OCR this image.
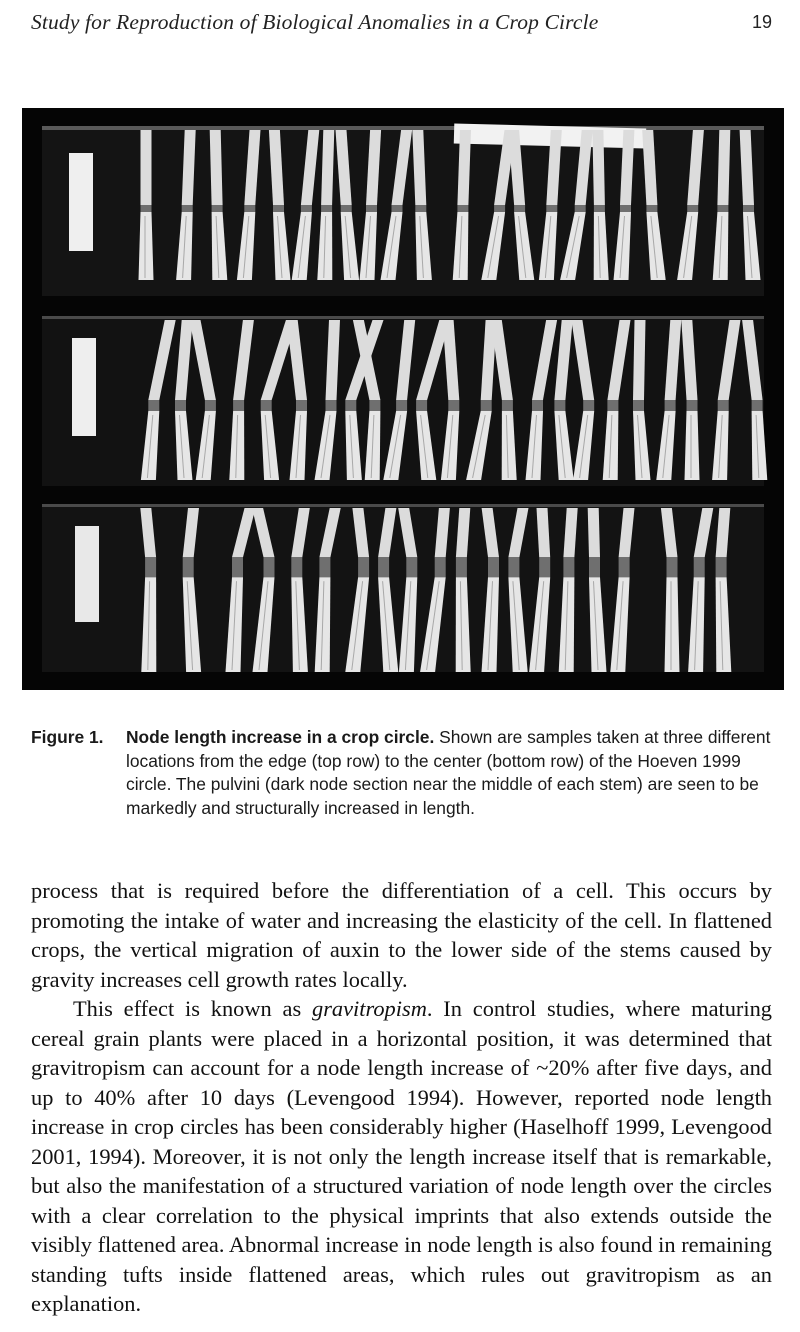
Study for Reproduction of Biological Anomalies in a Crop Circle	19
Figure 1. Node length increase in a crop circle. Shown are samples taken at three different locations from the edge (top row) to the center (bottom row) of the Hoeven 1999 circle. The pulvini (dark node section near the middle of each stem) are seen to be markedly and structurally increased in length.

process that is required before the differentiation of a cell. This occurs by promoting the intake of water and increasing the elasticity of the cell. In flattened crops, the vertical migration of auxin to the lower side of the stems caused by gravity increases cell growth rates locally.

This effect is known as gravitropism. In control studies, where maturing cereal grain plants were placed in a horizontal position, it was determined that gravitropism can account for a node length increase of ~20% after five days, and up to 40% after 10 days (Levengood 1994). However, reported node length increase in crop circles has been considerably higher (Haselhoff 1999, Levengood 2001, 1994). Moreover, it is not only the length increase itself that is remarkable, but also the manifestation of a structured variation of node length over the circles with a clear correlation to the physical imprints that also extends outside the visibly flattened area. Abnormal increase in node length is also found in remaining standing tufts inside flattened areas, which rules out gravitropism as an explanation.
